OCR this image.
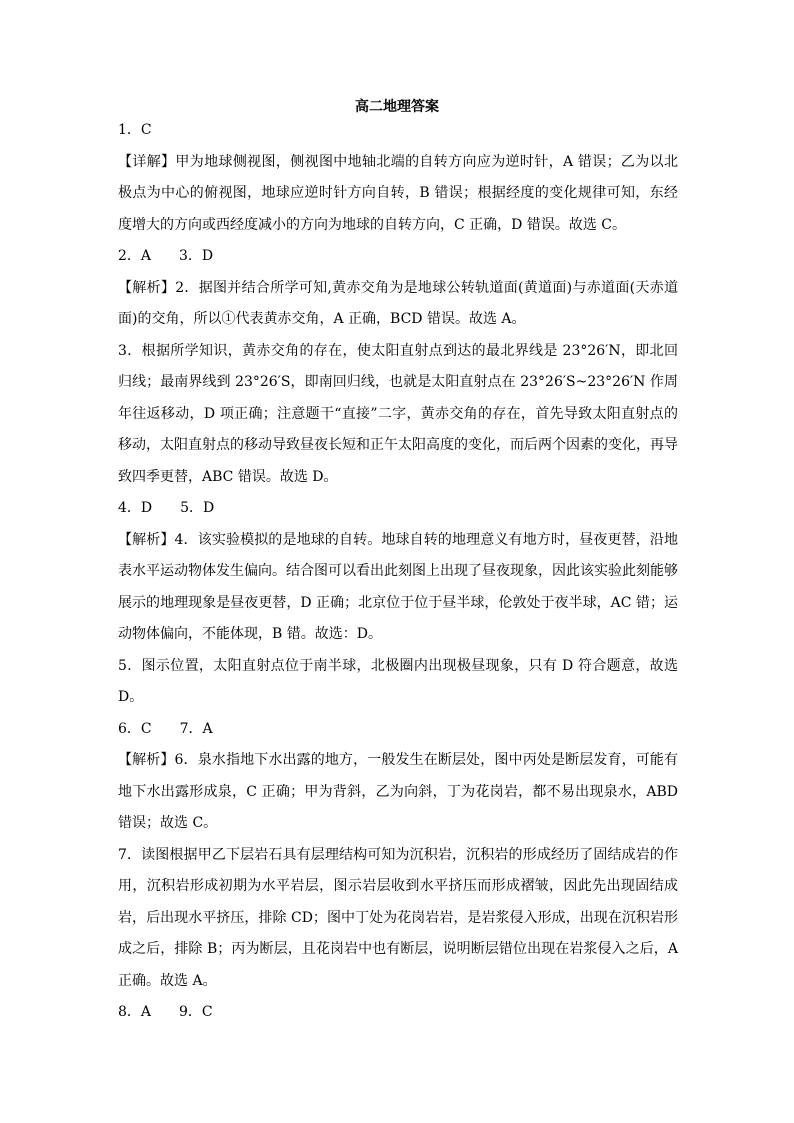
高二地理答案

1．C

【详解】甲为地球侧视图，侧视图中地轴北端的自转方向应为逆时针，A 错误；乙为以北极点为中心的俯视图，地球应逆时针方向自转，B 错误；根据经度的变化规律可知，东经度增大的方向或西经度减小的方向为地球的自转方向，C 正确，D 错误。故选 C。

2．A　　3．D

【解析】2．据图并结合所学可知,黄赤交角为是地球公转轨道面(黄道面)与赤道面(天赤道面)的交角，所以①代表黄赤交角，A 正确，BCD 错误。故选 A。

3．根据所学知识，黄赤交角的存在，使太阳直射点到达的最北界线是 23°26′N，即北回归线；最南界线到 23°26′S，即南回归线，也就是太阳直射点在 23°26′S~23°26′N 作周年往返移动，D 项正确；注意题干“直接”二字，黄赤交角的存在，首先导致太阳直射点的移动，太阳直射点的移动导致昼夜长短和正午太阳高度的变化，而后两个因素的变化，再导致四季更替，ABC 错误。故选 D。

4．D　　5．D

【解析】4．该实验模拟的是地球的自转。地球自转的地理意义有地方时，昼夜更替，沿地表水平运动物体发生偏向。结合图可以看出此刻图上出现了昼夜现象，因此该实验此刻能够展示的地理现象是昼夜更替，D 正确；北京位于位于昼半球，伦敦处于夜半球，AC 错；运动物体偏向，不能体现，B 错。故选：D。

5．图示位置，太阳直射点位于南半球，北极圈内出现极昼现象，只有 D 符合题意，故选 D。

6．C　　7．A

【解析】6．泉水指地下水出露的地方，一般发生在断层处，图中丙处是断层发育，可能有地下水出露形成泉，C 正确；甲为背斜，乙为向斜，丁为花岗岩，都不易出现泉水，ABD 错误；故选 C。

7．读图根据甲乙下层岩石具有层理结构可知为沉积岩，沉积岩的形成经历了固结成岩的作用，沉积岩形成初期为水平岩层，图示岩层收到水平挤压而形成褶皱，因此先出现固结成岩，后出现水平挤压，排除 CD；图中丁处为花岗岩岩，是岩浆侵入形成，出现在沉积岩形成之后，排除 B；丙为断层，且花岗岩中也有断层，说明断层错位出现在岩浆侵入之后，A 正确。故选 A。

8．A　　9．C
